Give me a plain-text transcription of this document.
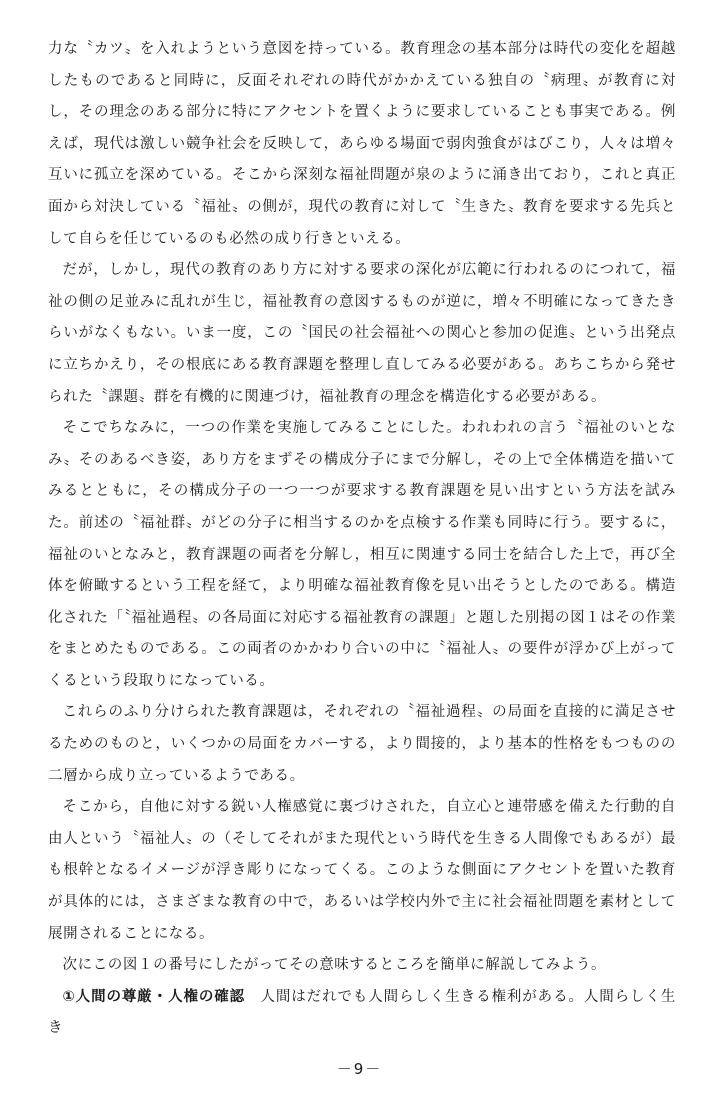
力な〝カツ〟を入れようという意図を持っている。教育理念の基本部分は時代の変化を超越したものであると同時に，反面それぞれの時代がかかえている独自の〝病理〟が教育に対し，その理念のある部分に特にアクセントを置くように要求していることも事実である。例えば，現代は激しい競争社会を反映して，あらゆる場面で弱肉強食がはびこり，人々は増々互いに孤立を深めている。そこから深刻な福祉問題が泉のように涌き出ており，これと真正面から対決している〝福祉〟の側が，現代の教育に対して〝生きた〟教育を要求する先兵として自らを任じているのも必然の成り行きといえる。

だが，しかし，現代の教育のあり方に対する要求の深化が広範に行われるのにつれて，福祉の側の足並みに乱れが生じ，福祉教育の意図するものが逆に，増々不明確になってきたきらいがなくもない。いま一度，この〝国民の社会福祉への関心と参加の促進〟という出発点に立ちかえり，その根底にある教育課題を整理し直してみる必要がある。あちこちから発せられた〝課題〟群を有機的に関連づけ，福祉教育の理念を構造化する必要がある。

そこでちなみに，一つの作業を実施してみることにした。われわれの言う〝福祉のいとなみ〟そのあるべき姿，あり方をまずその構成分子にまで分解し，その上で全体構造を描いてみるとともに，その構成分子の一つ一つが要求する教育課題を見い出すという方法を試みた。前述の〝福祉群〟がどの分子に相当するのかを点検する作業も同時に行う。要するに，福祉のいとなみと，教育課題の両者を分解し，相互に関連する同士を結合した上で，再び全体を俯瞰するという工程を経て，より明確な福祉教育像を見い出そうとしたのである。構造化された「〝福祉過程〟の各局面に対応する福祉教育の課題」と題した別掲の図１はその作業をまとめたものである。この両者のかかわり合いの中に〝福祉人〟の要件が浮かび上がってくるという段取りになっている。

これらのふり分けられた教育課題は，それぞれの〝福祉過程〟の局面を直接的に満足させるためのものと，いくつかの局面をカバーする，より間接的，より基本的性格をもつものの二層から成り立っているようである。

そこから，自他に対する鋭い人権感覚に裏づけされた，自立心と連帯感を備えた行動的自由人という〝福祉人〟の（そしてそれがまた現代という時代を生きる人間像でもあるが）最も根幹となるイメージが浮き彫りになってくる。このような側面にアクセントを置いた教育が具体的には，さまざまな教育の中で，あるいは学校内外で主に社会福祉問題を素材として展開されることになる。

次にこの図１の番号にしたがってその意味するところを簡単に解説してみよう。

①人間の尊厳・人権の確認　人間はだれでも人間らしく生きる権利がある。人間らしく生き

－9－
